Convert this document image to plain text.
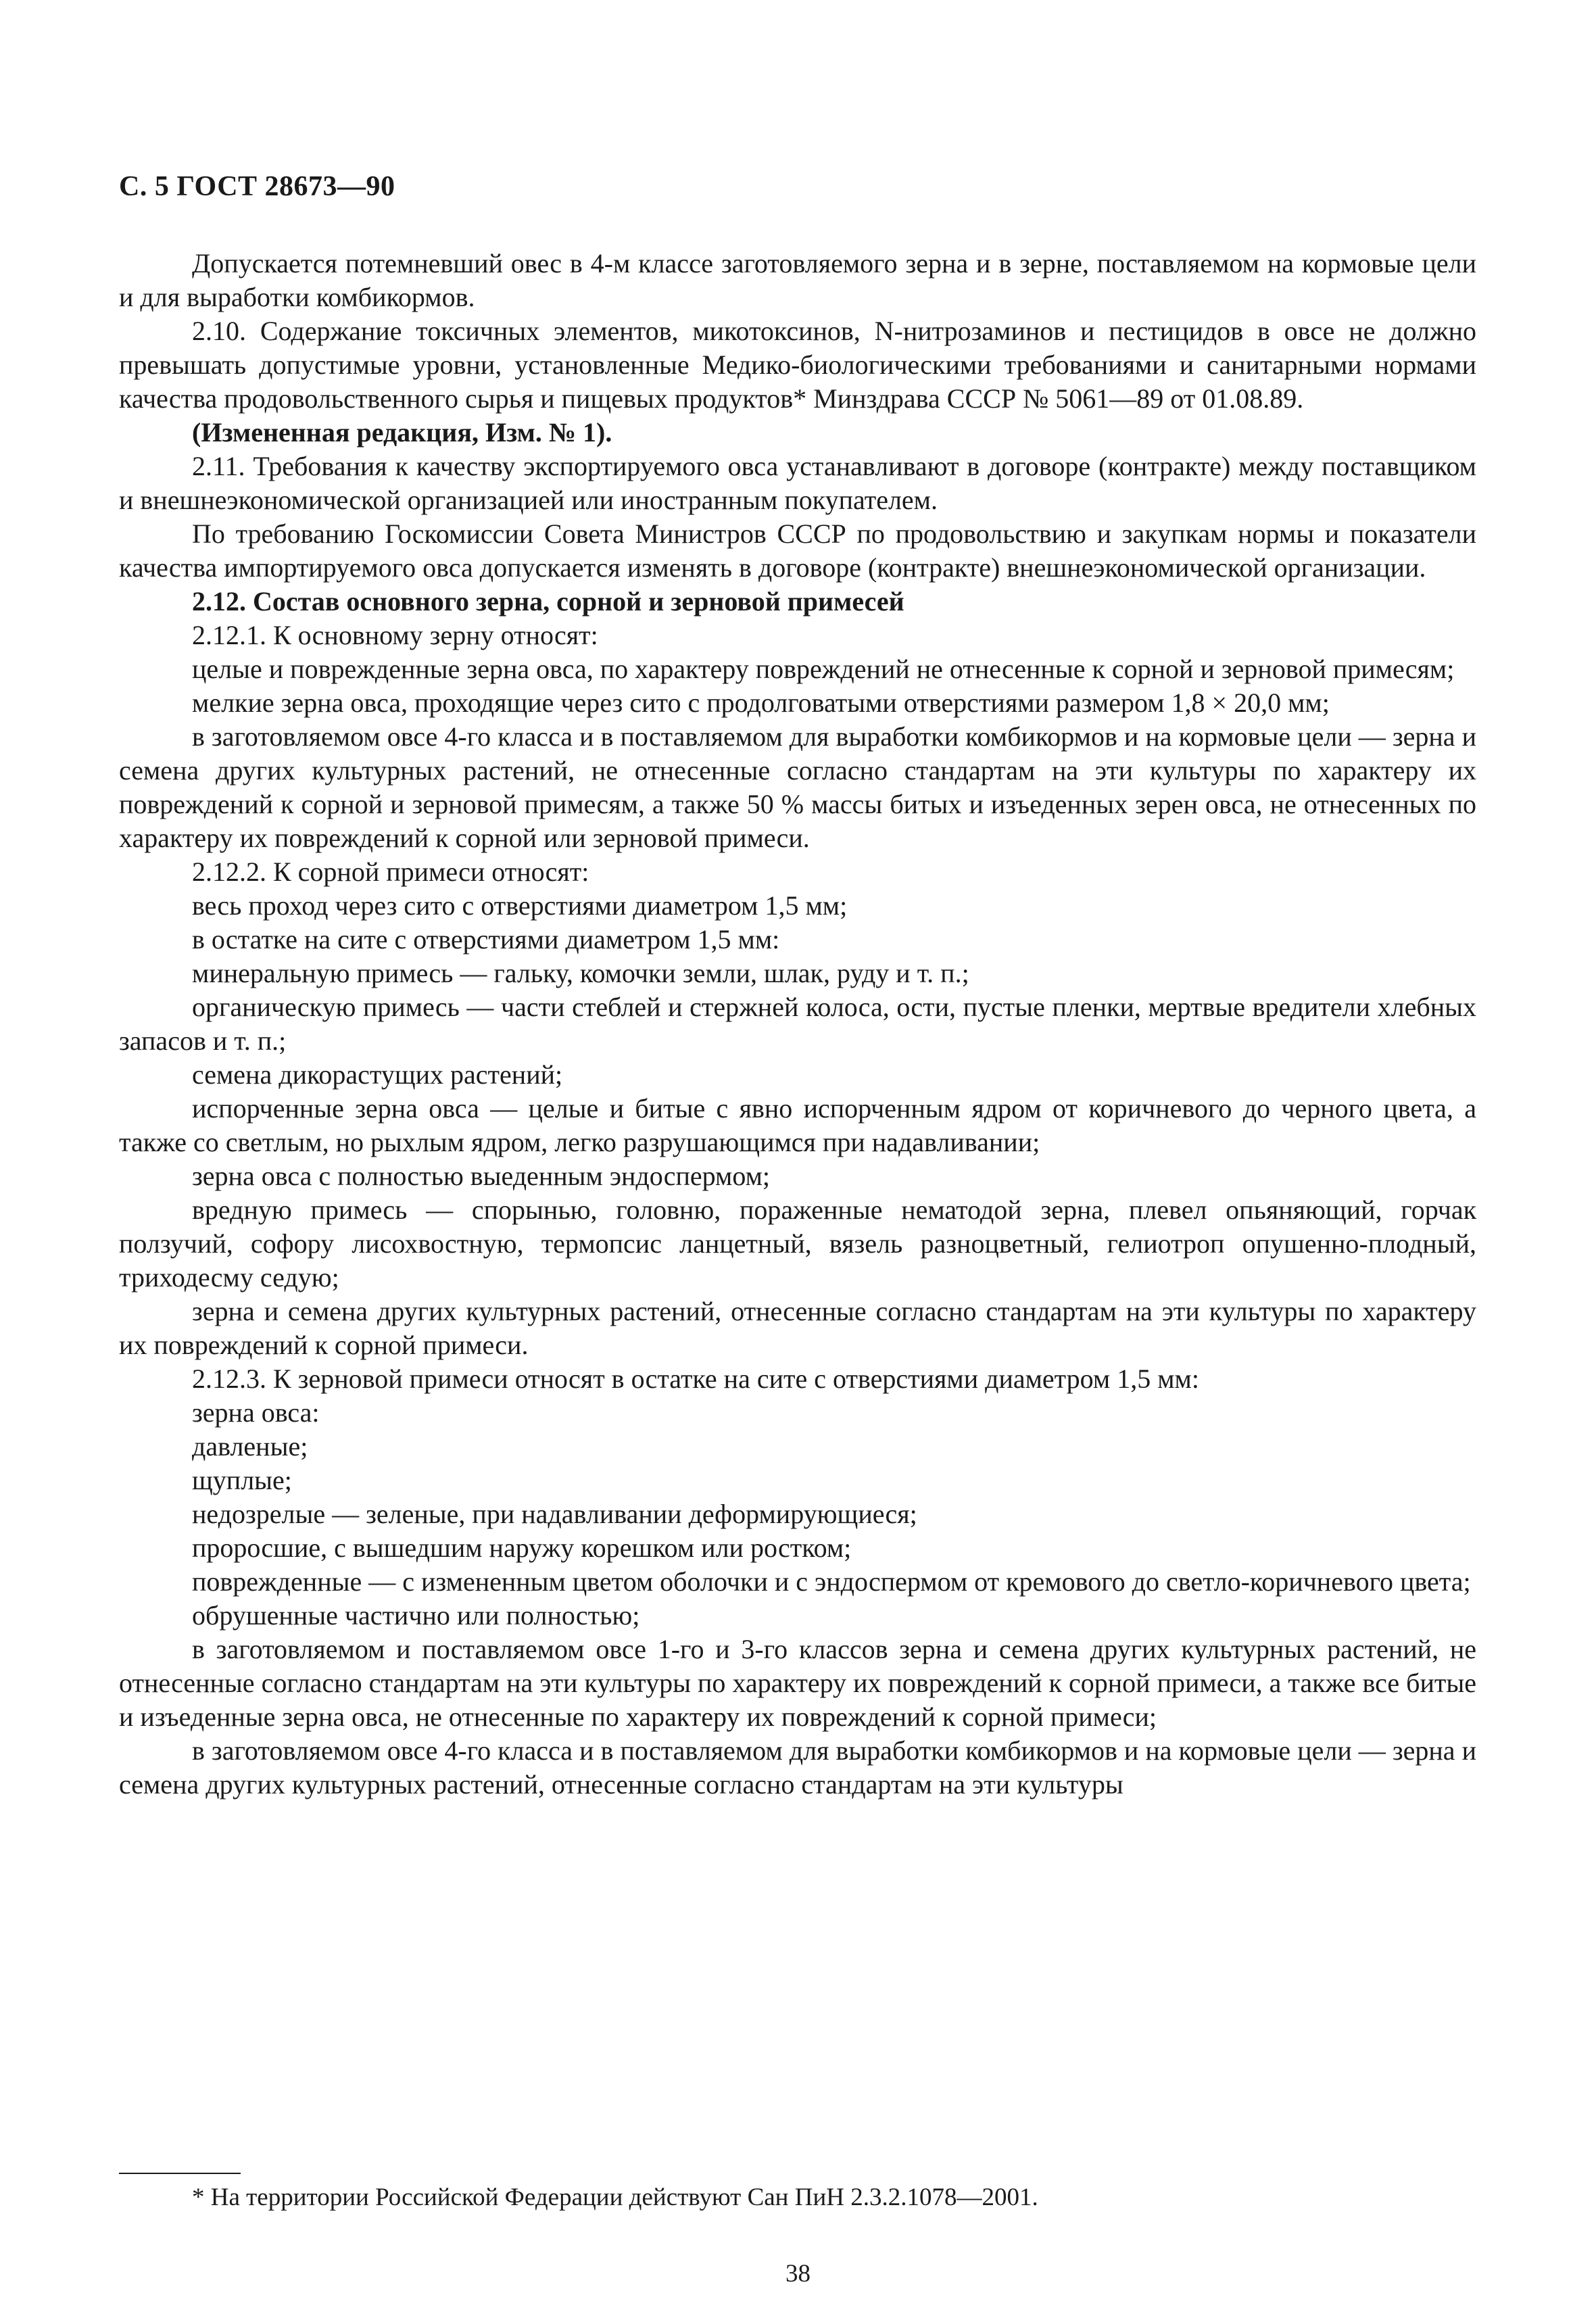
С. 5 ГОСТ 28673—90

Допускается потемневший овес в 4-м классе заготовляемого зерна и в зерне, поставляемом на кормовые цели и для выработки комбикормов.

2.10. Содержание токсичных элементов, микотоксинов, N-нитрозаминов и пестицидов в овсе не должно превышать допустимые уровни, установленные Медико-биологическими требованиями и санитарными нормами качества продовольственного сырья и пищевых продуктов* Минздрава СССР № 5061—89 от 01.08.89.

(Измененная редакция, Изм. № 1).

2.11. Требования к качеству экспортируемого овса устанавливают в договоре (контракте) между поставщиком и внешнеэкономической организацией или иностранным покупателем.

По требованию Госкомиссии Совета Министров СССР по продовольствию и закупкам нормы и показатели качества импортируемого овса допускается изменять в договоре (контракте) внешнеэкономической организации.

2.12. Состав основного зерна, сорной и зерновой примесей

2.12.1. К основному зерну относят:

целые и поврежденные зерна овса, по характеру повреждений не отнесенные к сорной и зерновой примесям;

мелкие зерна овса, проходящие через сито с продолговатыми отверстиями размером 1,8 × 20,0 мм;

в заготовляемом овсе 4-го класса и в поставляемом для выработки комбикормов и на кормовые цели — зерна и семена других культурных растений, не отнесенные согласно стандартам на эти культуры по характеру их повреждений к сорной и зерновой примесям, а также 50 % массы битых и изъеденных зерен овса, не отнесенных по характеру их повреждений к сорной или зерновой примеси.

2.12.2. К сорной примеси относят:

весь проход через сито с отверстиями диаметром 1,5 мм;

в остатке на сите с отверстиями диаметром 1,5 мм:

минеральную примесь — гальку, комочки земли, шлак, руду и т. п.;

органическую примесь — части стеблей и стержней колоса, ости, пустые пленки, мертвые вредители хлебных запасов и т. п.;

семена дикорастущих растений;

испорченные зерна овса — целые и битые с явно испорченным ядром от коричневого до черного цвета, а также со светлым, но рыхлым ядром, легко разрушающимся при надавливании;

зерна овса с полностью выеденным эндоспермом;

вредную примесь — спорынью, головню, пораженные нематодой зерна, плевел опьяняющий, горчак ползучий, софору лисохвостную, термопсис ланцетный, вязель разноцветный, гелиотроп опушенно-плодный, триходесму седую;

зерна и семена других культурных растений, отнесенные согласно стандартам на эти культуры по характеру их повреждений к сорной примеси.

2.12.3. К зерновой примеси относят в остатке на сите с отверстиями диаметром 1,5 мм:

зерна овса:

давленые;

щуплые;

недозрелые — зеленые, при надавливании деформирующиеся;

проросшие, с вышедшим наружу корешком или ростком;

поврежденные — с измененным цветом оболочки и с эндоспермом от кремового до светло-коричневого цвета;

обрушенные частично или полностью;

в заготовляемом и поставляемом овсе 1-го и 3-го классов зерна и семена других культурных растений, не отнесенные согласно стандартам на эти культуры по характеру их повреждений к сорной примеси, а также все битые и изъеденные зерна овса, не отнесенные по характеру их повреждений к сорной примеси;

в заготовляемом овсе 4-го класса и в поставляемом для выработки комбикормов и на кормовые цели — зерна и семена других культурных растений, отнесенные согласно стандартам на эти культуры

* На территории Российской Федерации действуют Сан ПиН 2.3.2.1078—2001.
38
